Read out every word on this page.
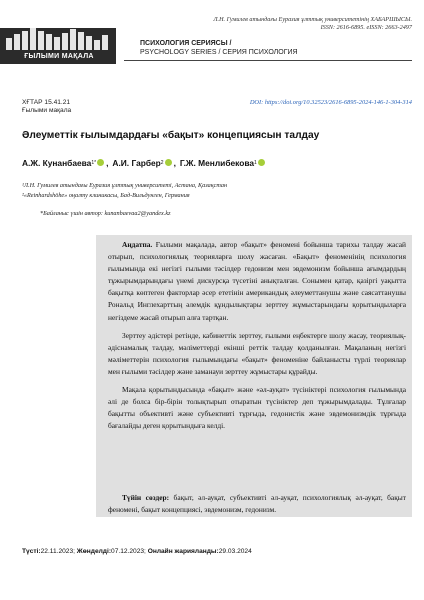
ҒЫЛЫМИ МАҚАЛА
Л.Н. Гумилев атындағы Еуразия ұлттық университетінің ХАБАРШЫСЫ.
ISSN: 2616-6895. eISSN: 2663-2497
ПСИХОЛОГИЯ СЕРИЯСЫ /
PSYCHOLOGY SERIES / СЕРИЯ ПСИХОЛОГИЯ
ХҒТАР 15.41.21
Ғылыми мақала
DOI: https://doi.org/10.32523/2616-6895-2024-146-1-304-314
Әлеуметтік ғылымдардағы «бақыт» концепциясын талдау
А.Ж. Кунанбаева 1* , А.И. Гарбер 2 , Г.Ж. Менлибекова 1
¹Л.Н. Гумилев атындағы Еуразия ұлттық университеті, Астана, Қазақстан
²«Reinhardshöhe» оңалту клиникасы, Бад-Вильдунген, Германия
*Байланыс үшін автор: kunanbaevaa2@yandex.kz

Аңдатпа. Ғылыми мақалада, автор «бақыт» феномені бойынша тарихы талдау жасай отырып, психологиялық теорияларға шолу жасаған. «Бақыт» феноменінің психология ғылымында екі негізгі ғылыми тәсілдер гедонизм мен эвдемонизм бойынша ағымдардың тұжырымдарындағы үнемі дискурсқа түсетіні анықталған. Сонымен қатар, қазіргі уақытта бақытқа көптеген факторлар әсер ететінін американдық әлеуметтанушы және саясаттанушы Рональд Инглехарттың әлемдік құндылықтары зерттеу жұмыстарындағы қорытындыларға негіздеме жасай отырып алға тартқан.

Зерттеу әдістері ретінде, кабинеттік зерттеу, ғылыми еңбектерге шолу жасау, теориялық-әдіснамалық талдау, мәліметтерді екінші реттік талдау қолданылған. Мақаланың негізгі мәліметтерін психология ғылымындағы «бақыт» феноменіне байланысты түрлі теориялар мен ғылыми тәсілдер және заманауи зерттеу жұмыстары құрайды.

Мақала қорытындысында «бақыт» және «әл-ауқат» түсініктері психология ғылымында әлі де болса бір-бірін толықтырып отыратын түсініктер деп тұжырымдалады. Тұлғалар бақытты объективті және субъективті тұрғыда, гедонистік және эвдемонизмдік тұрғыда бағалайды деген қорытындыға келді.

Түйін сөздер: бақыт, әл-ауқат, субъективті әл-ауқат, психологиялық әл-ауқат, бақыт феномені, бақыт концепциясі, эвдемонизм, гедонизм.
Түсті:22.11.2023; Жөнделді:07.12.2023; Онлайн жарияланды:29.03.2024
